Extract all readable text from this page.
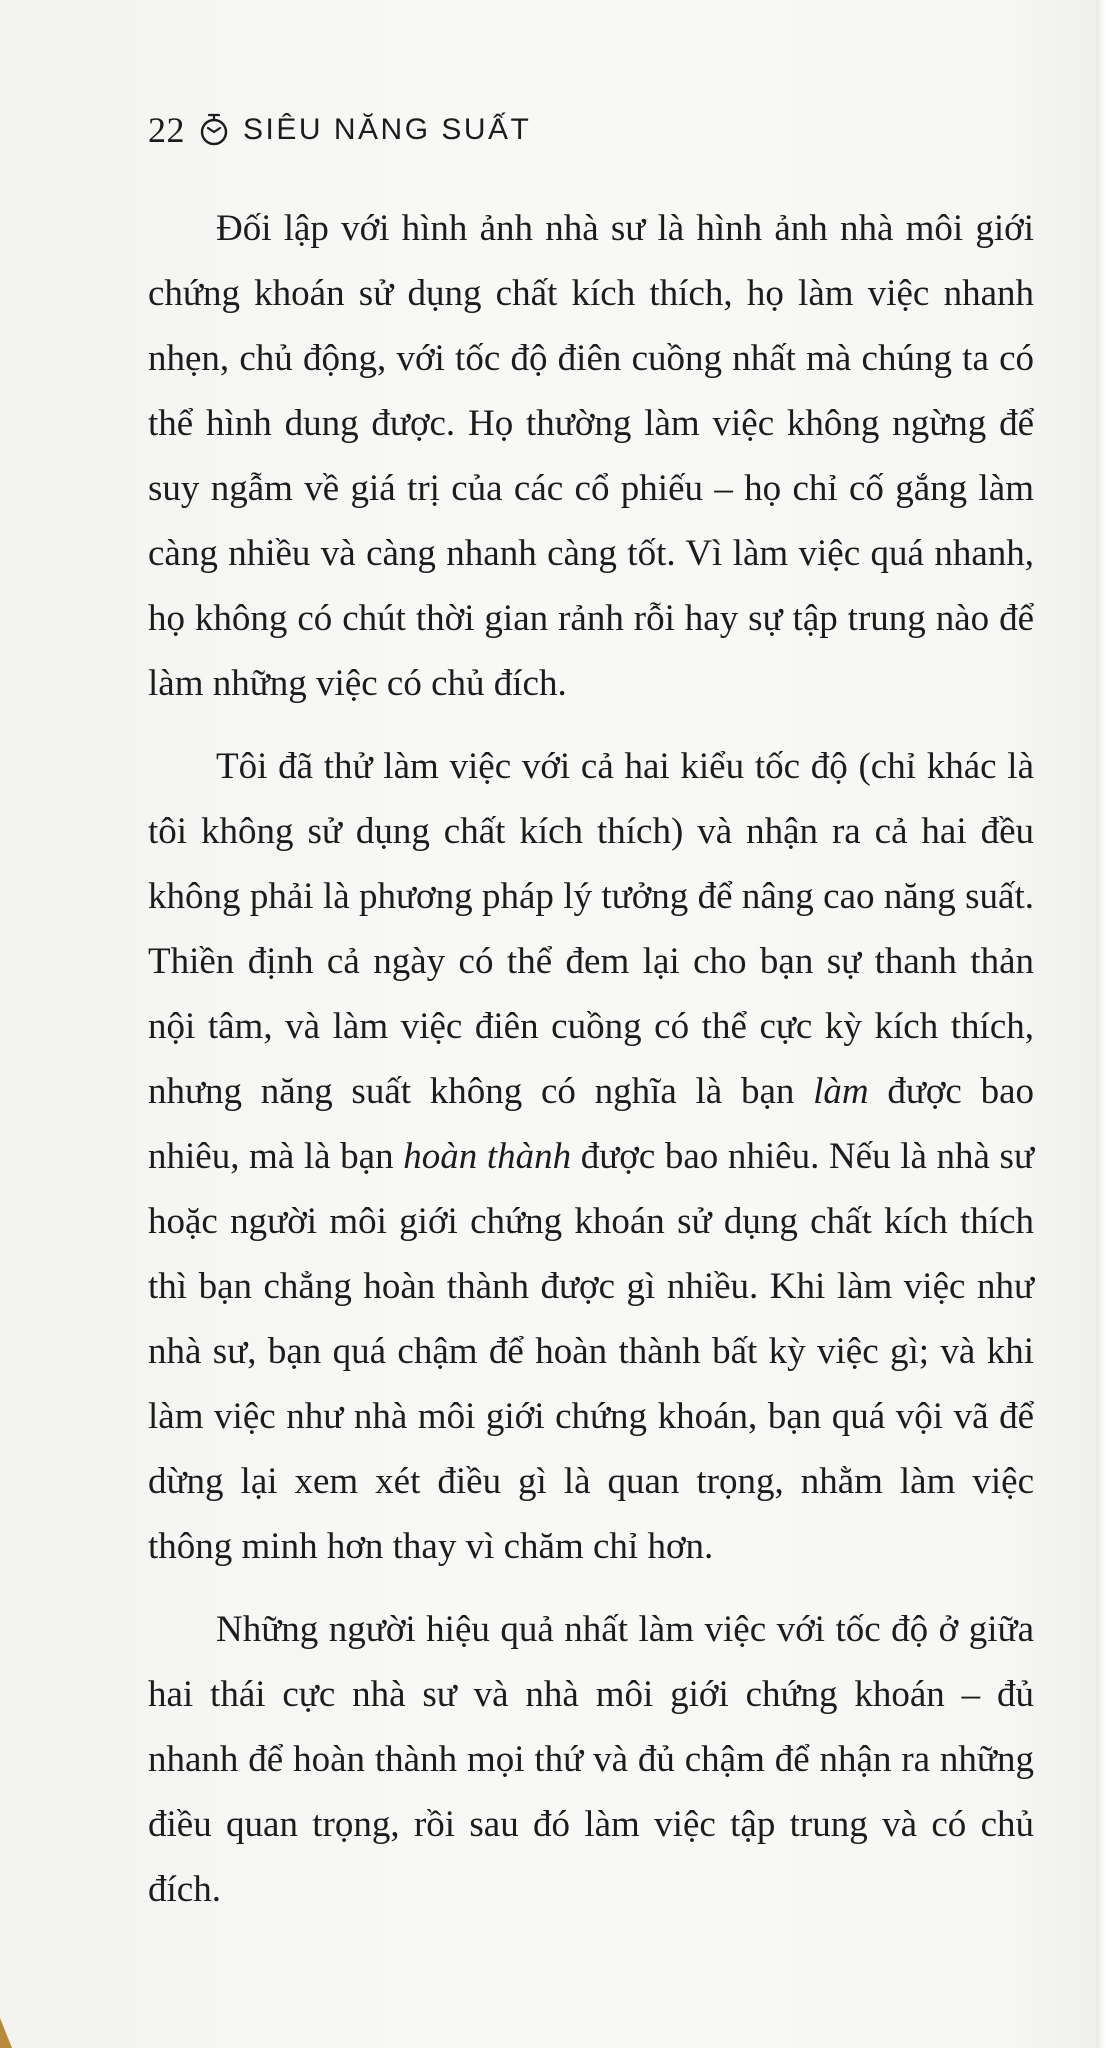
22 SIÊU NĂNG SUẤT

Đối lập với hình ảnh nhà sư là hình ảnh nhà môi giới chứng khoán sử dụng chất kích thích, họ làm việc nhanh nhẹn, chủ động, với tốc độ điên cuồng nhất mà chúng ta có thể hình dung được. Họ thường làm việc không ngừng để suy ngẫm về giá trị của các cổ phiếu – họ chỉ cố gắng làm càng nhiều và càng nhanh càng tốt. Vì làm việc quá nhanh, họ không có chút thời gian rảnh rỗi hay sự tập trung nào để làm những việc có chủ đích.

Tôi đã thử làm việc với cả hai kiểu tốc độ (chỉ khác là tôi không sử dụng chất kích thích) và nhận ra cả hai đều không phải là phương pháp lý tưởng để nâng cao năng suất. Thiền định cả ngày có thể đem lại cho bạn sự thanh thản nội tâm, và làm việc điên cuồng có thể cực kỳ kích thích, nhưng năng suất không có nghĩa là bạn làm được bao nhiêu, mà là bạn hoàn thành được bao nhiêu. Nếu là nhà sư hoặc người môi giới chứng khoán sử dụng chất kích thích thì bạn chẳng hoàn thành được gì nhiều. Khi làm việc như nhà sư, bạn quá chậm để hoàn thành bất kỳ việc gì; và khi làm việc như nhà môi giới chứng khoán, bạn quá vội vã để dừng lại xem xét điều gì là quan trọng, nhằm làm việc thông minh hơn thay vì chăm chỉ hơn.

Những người hiệu quả nhất làm việc với tốc độ ở giữa hai thái cực nhà sư và nhà môi giới chứng khoán – đủ nhanh để hoàn thành mọi thứ và đủ chậm để nhận ra những điều quan trọng, rồi sau đó làm việc tập trung và có chủ đích.
